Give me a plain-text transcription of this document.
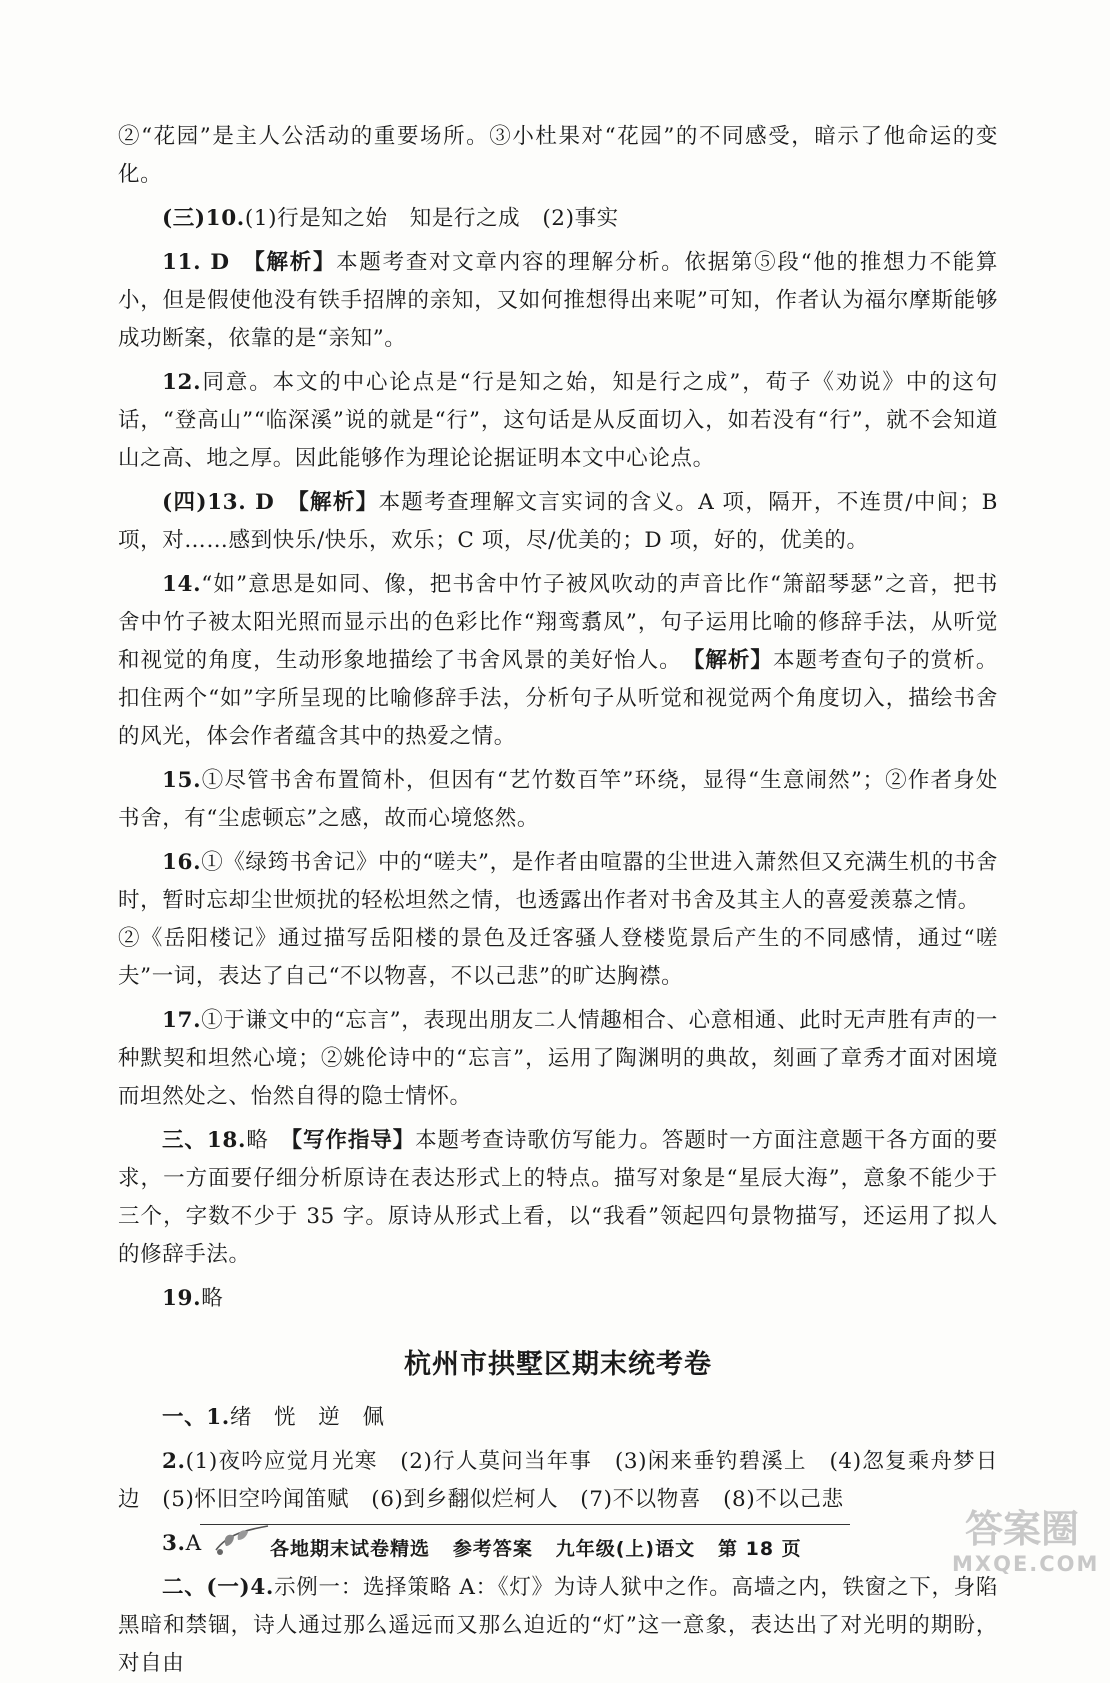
②“花园”是主人公活动的重要场所。③小杜果对“花园”的不同感受，暗示了他命运的变化。

(三)10.(1)行是知之始　知是行之成　(2)事实

11. D　 【解析】本题考查对文章内容的理解分析。依据第⑤段“他的推想力不能算小，但是假使他没有铁手招牌的亲知，又如何推想得出来呢”可知，作者认为福尔摩斯能够成功断案，依靠的是“亲知”。

12.同意。本文的中心论点是“行是知之始，知是行之成”，荀子《劝说》中的这句话，“登高山”“临深溪”说的就是“行”，这句话是从反面切入，如若没有“行”，就不会知道山之高、地之厚。因此能够作为理论论据证明本文中心论点。

(四)13. D　 【解析】本题考查理解文言实词的含义。A 项，隔开，不连贯/中间；B 项，对……感到快乐/快乐，欢乐；C 项，尽/优美的；D 项，好的，优美的。

14.“如”意思是如同、像，把书舍中竹子被风吹动的声音比作“箫韶琴瑟”之音，把书舍中竹子被太阳光照而显示出的色彩比作“翔鸾翥凤”，句子运用比喻的修辞手法，从听觉和视觉的角度，生动形象地描绘了书舍风景的美好怡人。　 【解析】本题考查句子的赏析。扣住两个“如”字所呈现的比喻修辞手法，分析句子从听觉和视觉两个角度切入，描绘书舍的风光，体会作者蕴含其中的热爱之情。

15.①尽管书舍布置简朴，但因有“艺竹数百竿”环绕，显得“生意闹然”；②作者身处书舍，有“尘虑顿忘”之感，故而心境悠然。

16.①《绿筠书舍记》中的“嗟夫”，是作者由喧嚣的尘世进入萧然但又充满生机的书舍时，暂时忘却尘世烦扰的轻松坦然之情，也透露出作者对书舍及其主人的喜爱羡慕之情。

②《岳阳楼记》通过描写岳阳楼的景色及迁客骚人登楼览景后产生的不同感情，通过“嗟夫”一词，表达了自己“不以物喜，不以己悲”的旷达胸襟。

17.①于谦文中的“忘言”，表现出朋友二人情趣相合、心意相通、此时无声胜有声的一种默契和坦然心境；②姚伦诗中的“忘言”，运用了陶渊明的典故，刻画了章秀才面对困境而坦然处之、怡然自得的隐士情怀。

三、18.略　【写作指导】本题考查诗歌仿写能力。答题时一方面注意题干各方面的要求，一方面要仔细分析原诗在表达形式上的特点。描写对象是“星辰大海”，意象不能少于三个，字数不少于 35 字。原诗从形式上看，以“我看”领起四句景物描写，还运用了拟人的修辞手法。

19.略

杭州市拱墅区期末统考卷

一、1.绪　恍　逆　佩

2.(1)夜吟应觉月光寒　(2)行人莫问当年事　(3)闲来垂钓碧溪上　(4)忽复乘舟梦日边　(5)怀旧空吟闻笛赋　(6)到乡翻似烂柯人　(7)不以物喜　(8)不以己悲

3.A

二、(一)4.示例一：选择策略 A：《灯》为诗人狱中之作。高墙之内，铁窗之下，身陷黑暗和禁锢，诗人通过那么遥远而又那么迫近的“灯”这一意象，表达出了对光明的期盼，对自由

各地期末试卷精选 参考答案 九年级(上)语文 第 18 页	答案圈
MXQE.COM
